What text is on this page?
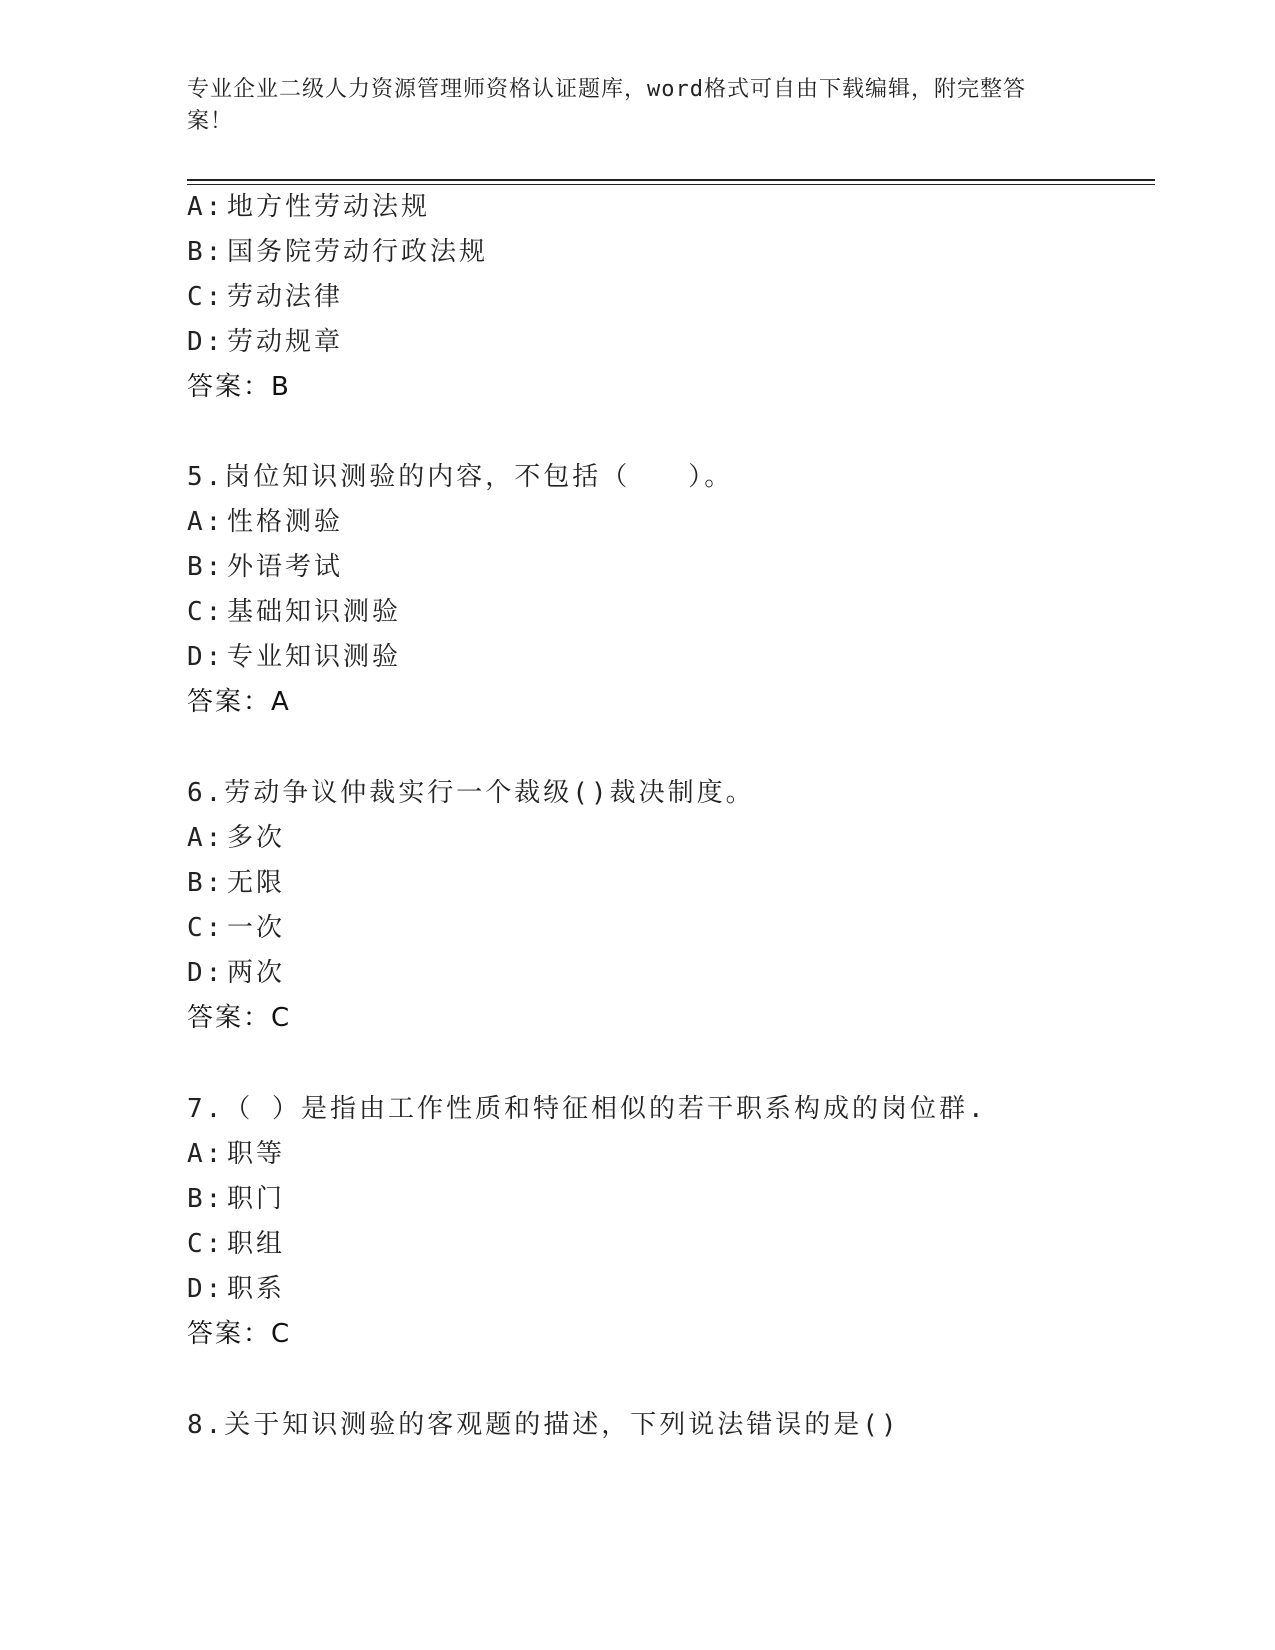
专业企业二级人力资源管理师资格认证题库，word格式可自由下载编辑，附完整答案！
A: 地方性劳动法规
B: 国务院劳动行政法规
C: 劳动法律
D: 劳动规章
答案：B
5.岗位知识测验的内容，不包括（　　）。
A: 性格测验
B: 外语考试
C: 基础知识测验
D: 专业知识测验
答案：A
6.劳动争议仲裁实行一个裁级()裁决制度。
A: 多次
B: 无限
C: 一次
D: 两次
答案：C
7.（ ）是指由工作性质和特征相似的若干职系构成的岗位群.
A: 职等
B: 职门
C: 职组
D: 职系
答案：C
8.关于知识测验的客观题的描述，下列说法错误的是()
